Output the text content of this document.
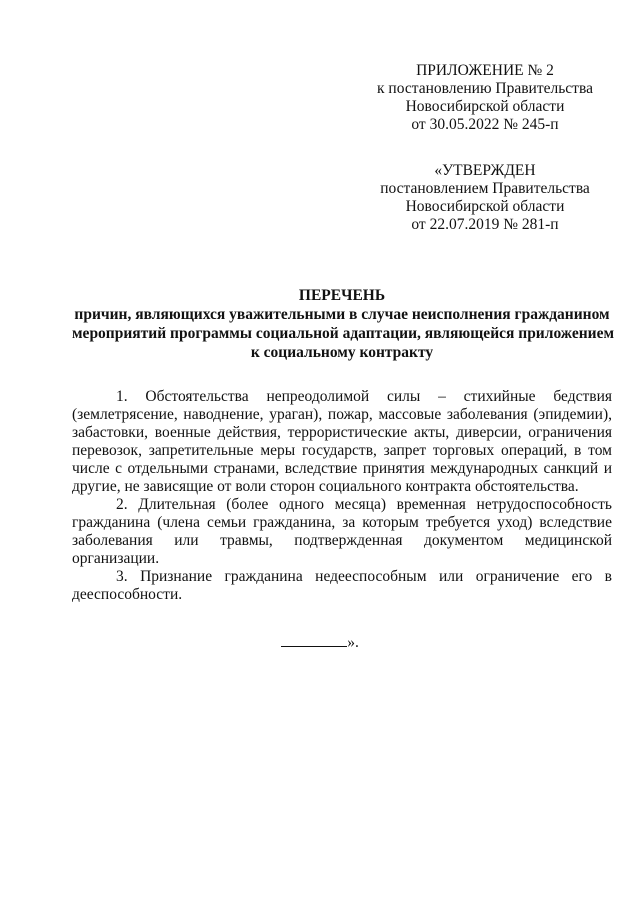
ПРИЛОЖЕНИЕ № 2
к постановлению Правительства
Новосибирской области
от 30.05.2022 № 245-п
«УТВЕРЖДЕН
постановлением Правительства
Новосибирской области
от 22.07.2019 № 281-п
ПЕРЕЧЕНЬ
причин, являющихся уважительными в случае неисполнения гражданином
мероприятий программы социальной адаптации, являющейся приложением
к социальному контракту

1. Обстоятельства непреодолимой силы – стихийные бедствия (землетрясение, наводнение, ураган), пожар, массовые заболевания (эпидемии), забастовки, военные действия, террористические акты, диверсии, ограничения перевозок, запретительные меры государств, запрет торговых операций, в том числе с отдельными странами, вследствие принятия международных санкций и другие, не зависящие от воли сторон социального контракта обстоятельства.

2. Длительная (более одного месяца) временная нетрудоспособность гражданина (члена семьи гражданина, за которым требуется уход) вследствие заболевания или травмы, подтвержденная документом медицинской организации.

3. Признание гражданина недееспособным или ограничение его в дееспособности.

».
